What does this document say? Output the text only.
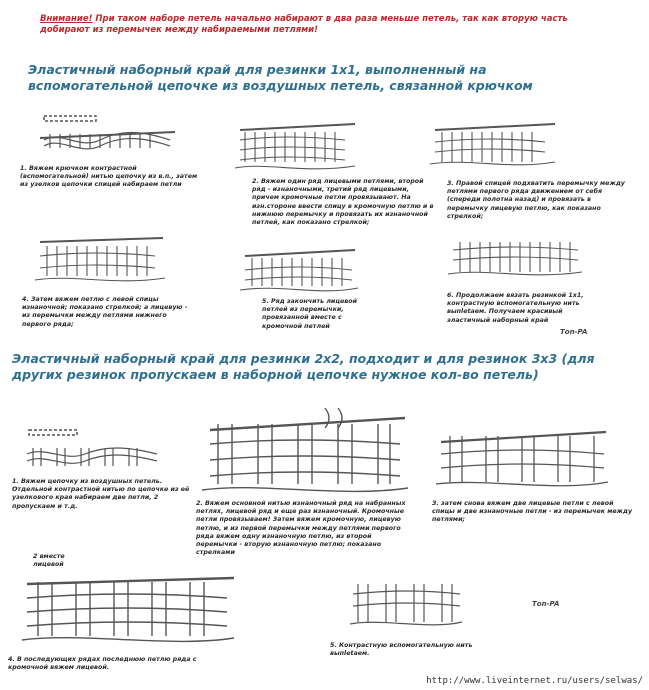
Внимание! При таком наборе петель начально набирают в два раза меньше петель, так как вторую часть добирают из перемычек между набираемыми петлями!
Эластичный наборный край для резинки 1х1, выполненный на вспомогательной цепочке из воздушных петель, связанной крючком
1. Вяжем крючком контрастной (вспомогательной) нитью цепочку из в.п., затем из узелков цепочки спицей набираем петли	2. Вяжем один ряд лицевыми петлями, второй ряд - изнаночными, третий ряд лицевыми, причем кромочные петли провязывают. На изн.стороне ввести спицу в кромочную петлю и в нижнюю перемычку и провязать их изнаночной петлей, как показано стрелкой;
3. Правой спицей подхватить перемычку между петлями первого ряда движением от себя (спереди полотна назад) и провязать в перемычку лицевую петлю, как показано стрелкой;
4. Затем вяжем петлю с левой спицы изнаночной; показано стрелкой; а лицевую - из перемычки между петлями нижнего первого ряда;
5. Ряд закончить лицевой петлей из перемычки, провязанной вместе с кромочной петлей
6. Продолжаем вязать резинкой 1х1, контрастную вспомогательную нить выпletаем. Получаем красивый эластичный наборный край
Тоn-PA
Эластичный наборный край для резинки 2х2, подходит и для резинок 3х3 (для других резинок пропускаем в наборной цепочке нужное кол-во петель)
1. Вяжем цепочку из воздушных петель. Отдельной контрастной нитью по цепочке из её узелкового края набираем две петли, 2 пропускаем и т.д.	2. Вяжем основной нитью изнаночный ряд на набранных петлях, лицевой ряд и еще раз изнаночный. Кромочные петли провязываем! Затем вяжем кромочную, лицевую петлю, и из первой перемычки между петлями первого ряда вяжем одну изнаночную петлю, из второй перемычки - вторую изнаночную петлю; показано стрелками
3. затем снова вяжем две лицевые петли с левой спицы и две изнаночные петли - из перемычек между петлями;
2 вместе лицевой
Тоn-PA
5. Контрастную вспомогательную нить выпletаем.
4. В последующих рядах последнюю петлю ряда с кромочной вяжем лицевой.
http://www.liveinternet.ru/users/selwas/
